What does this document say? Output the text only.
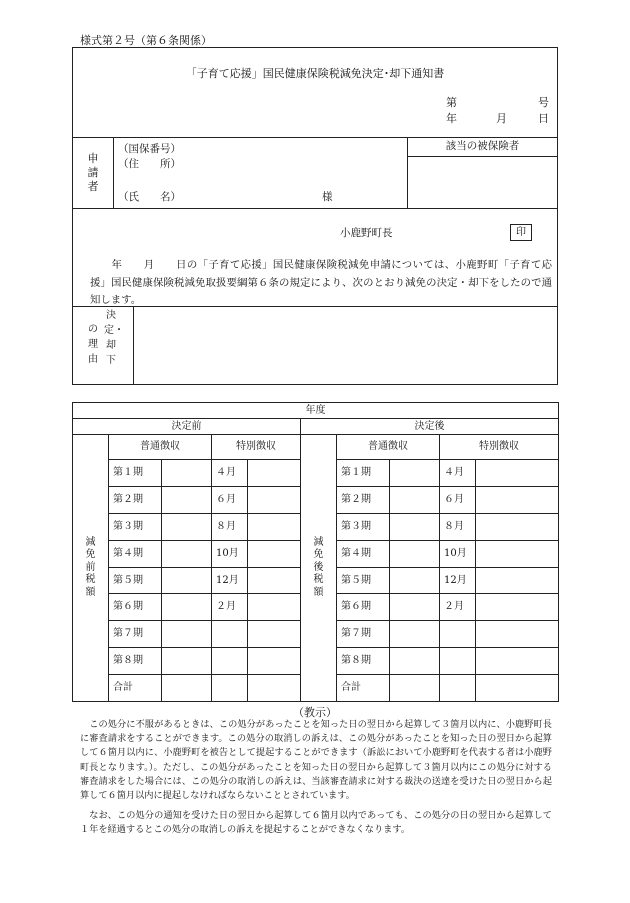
様式第２号（第６条関係）
「子育て応援」国民健康保険税減免決定･却下通知書
第	号
年	月	日
申請者
（国保番号）
（住　　所）
（氏　　名）	様
該当の被保険者
小鹿野町長	印
　　年　　月　　日の「子育て応援」国民健康保険税減免申請については、小鹿野町「子育て応援」国民健康保険税減免取扱要綱第６条の規定により、次のとおり減免の決定・却下をしたので通知します。
の理由
決定・却下
年度									
決定前					決定後				
減免前税額	普通徴収		特別徴収		減免後税額	普通徴収		特別徴収	
	第１期		４月			第１期		４月	
	第２期		６月			第２期		６月	
	第３期		８月			第３期		８月	
	第４期		10月			第４期		10月	
	第５期		12月			第５期		12月	
	第６期		２月			第６期		２月	
	第７期					第７期			
	第８期					第８期			
	合計					合計			
（教示）
　この処分に不服があるときは、この処分があったことを知った日の翌日から起算して３箇月以内に、小鹿野町長に審査請求をすることができます。この処分の取消しの訴えは、この処分があったことを知った日の翌日から起算して６箇月以内に、小鹿野町を被告として提起することができます（訴訟において小鹿野町を代表する者は小鹿野町長となります。）。ただし、この処分があったことを知った日の翌日から起算して３箇月以内にこの処分に対する審査請求をした場合には、この処分の取消しの訴えは、当該審査請求に対する裁決の送達を受けた日の翌日から起算して６箇月以内に提起しなければならないこととされています。
　なお、この処分の通知を受けた日の翌日から起算して６箇月以内であっても、この処分の日の翌日から起算して１年を経過するとこの処分の取消しの訴えを提起することができなくなります。
